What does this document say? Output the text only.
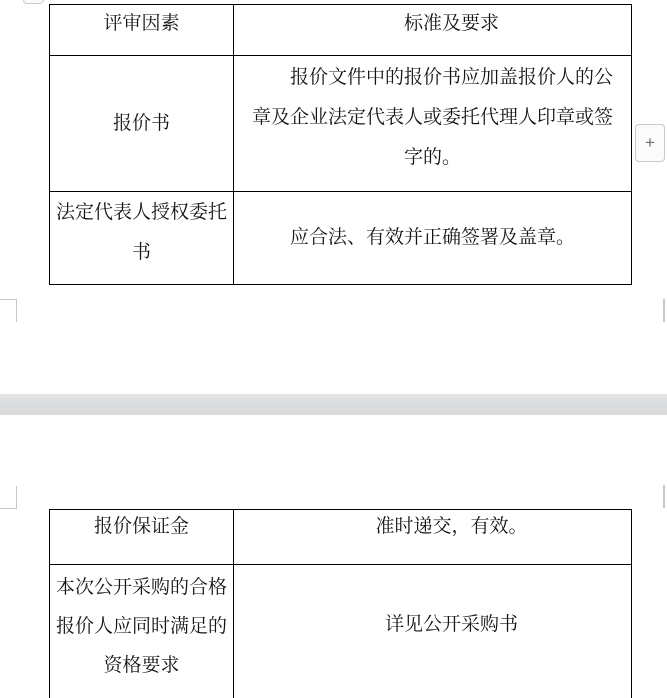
+
评审因素	标准及要求
报价书
报价文件中的报价书应加盖报价人的公
章及企业法定代表人或委托代理人印章或签
字的。
法定代表人授权委托
书
应合法、有效并正确签署及盖章。
报价保证金	准时递交，有效。
本次公开采购的合格
报价人应同时满足的
资格要求
详见公开采购书
